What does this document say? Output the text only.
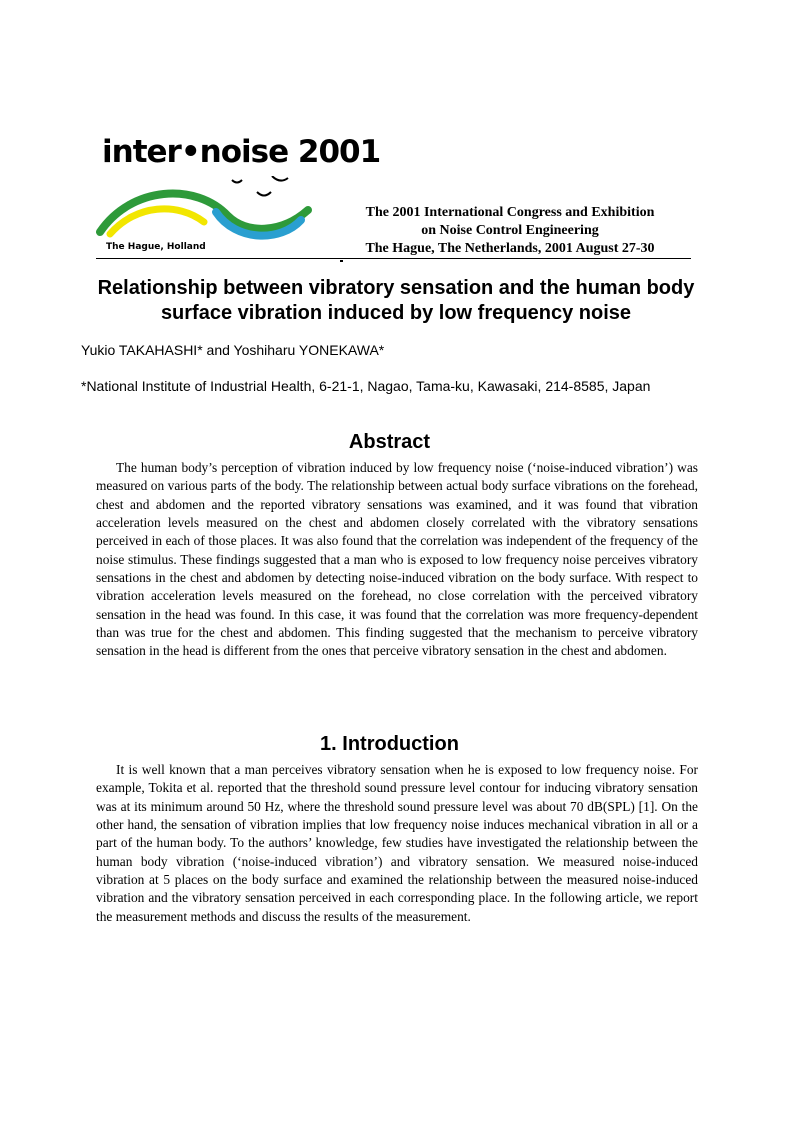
inter•noise 2001
The Hague, Holland
The 2001 International Congress and Exhibition
on Noise Control Engineering
The Hague, The Netherlands, 2001 August 27-30
Relationship between vibratory sensation and the human body surface vibration induced by low frequency noise
Yukio TAKAHASHI* and Yoshiharu YONEKAWA*
*National Institute of Industrial Health, 6-21-1, Nagao, Tama-ku, Kawasaki, 214-8585, Japan
Abstract

The human body’s perception of vibration induced by low frequency noise (‘noise-induced vibration’) was measured on various parts of the body. The relationship between actual body surface vibrations on the forehead, chest and abdomen and the reported vibratory sensations was examined, and it was found that vibration acceleration levels measured on the chest and abdomen closely correlated with the vibratory sensations perceived in each of those places. It was also found that the correlation was independent of the frequency of the noise stimulus. These findings suggested that a man who is exposed to low frequency noise perceives vibratory sensations in the chest and abdomen by detecting noise-induced vibration on the body surface. With respect to vibration acceleration levels measured on the forehead, no close correlation with the perceived vibratory sensation in the head was found. In this case, it was found that the correlation was more frequency-dependent than was true for the chest and abdomen. This finding suggested that the mechanism to perceive vibratory sensation in the head is different from the ones that perceive vibratory sensation in the chest and abdomen.

1. Introduction

It is well known that a man perceives vibratory sensation when he is exposed to low frequency noise. For example, Tokita et al. reported that the threshold sound pressure level contour for inducing vibratory sensation was at its minimum around 50 Hz, where the threshold sound pressure level was about 70 dB(SPL) [1]. On the other hand, the sensation of vibration implies that low frequency noise induces mechanical vibration in all or a part of the human body. To the authors’ knowledge, few studies have investigated the relationship between the human body vibration (‘noise-induced vibration’) and vibratory sensation. We measured noise-induced vibration at 5 places on the body surface and examined the relationship between the measured noise-induced vibration and the vibratory sensation perceived in each corresponding place. In the following article, we report the measurement methods and discuss the results of the measurement.
